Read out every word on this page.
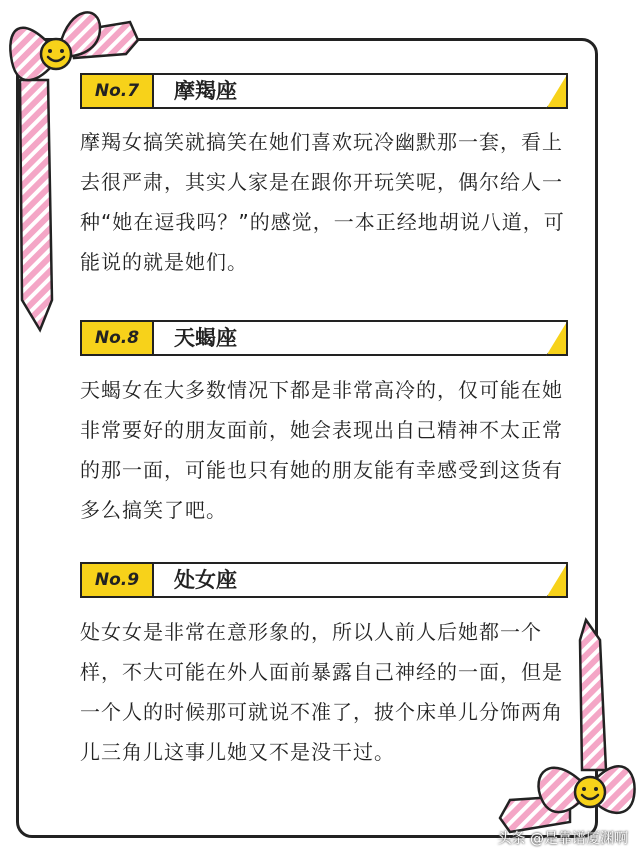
No.7	摩羯座
摩羯女搞笑就搞笑在她们喜欢玩冷幽默那一套，看上去很严肃，其实人家是在跟你开玩笑呢，偶尔给人一种“她在逗我吗？”的感觉，一本正经地胡说八道，可能说的就是她们。
No.8	天蝎座
天蝎女在大多数情况下都是非常高冷的，仅可能在她非常要好的朋友面前，她会表现出自己精神不太正常的那一面，可能也只有她的朋友能有幸感受到这货有多么搞笑了吧。
No.9	处女座
处女女是非常在意形象的，所以人前人后她都一个样，不大可能在外人面前暴露自己神经的一面，但是一个人的时候那可就说不准了，披个床单儿分饰两角儿三角儿这事儿她又不是没干过。
头条 @是靠谱厦渊啊
